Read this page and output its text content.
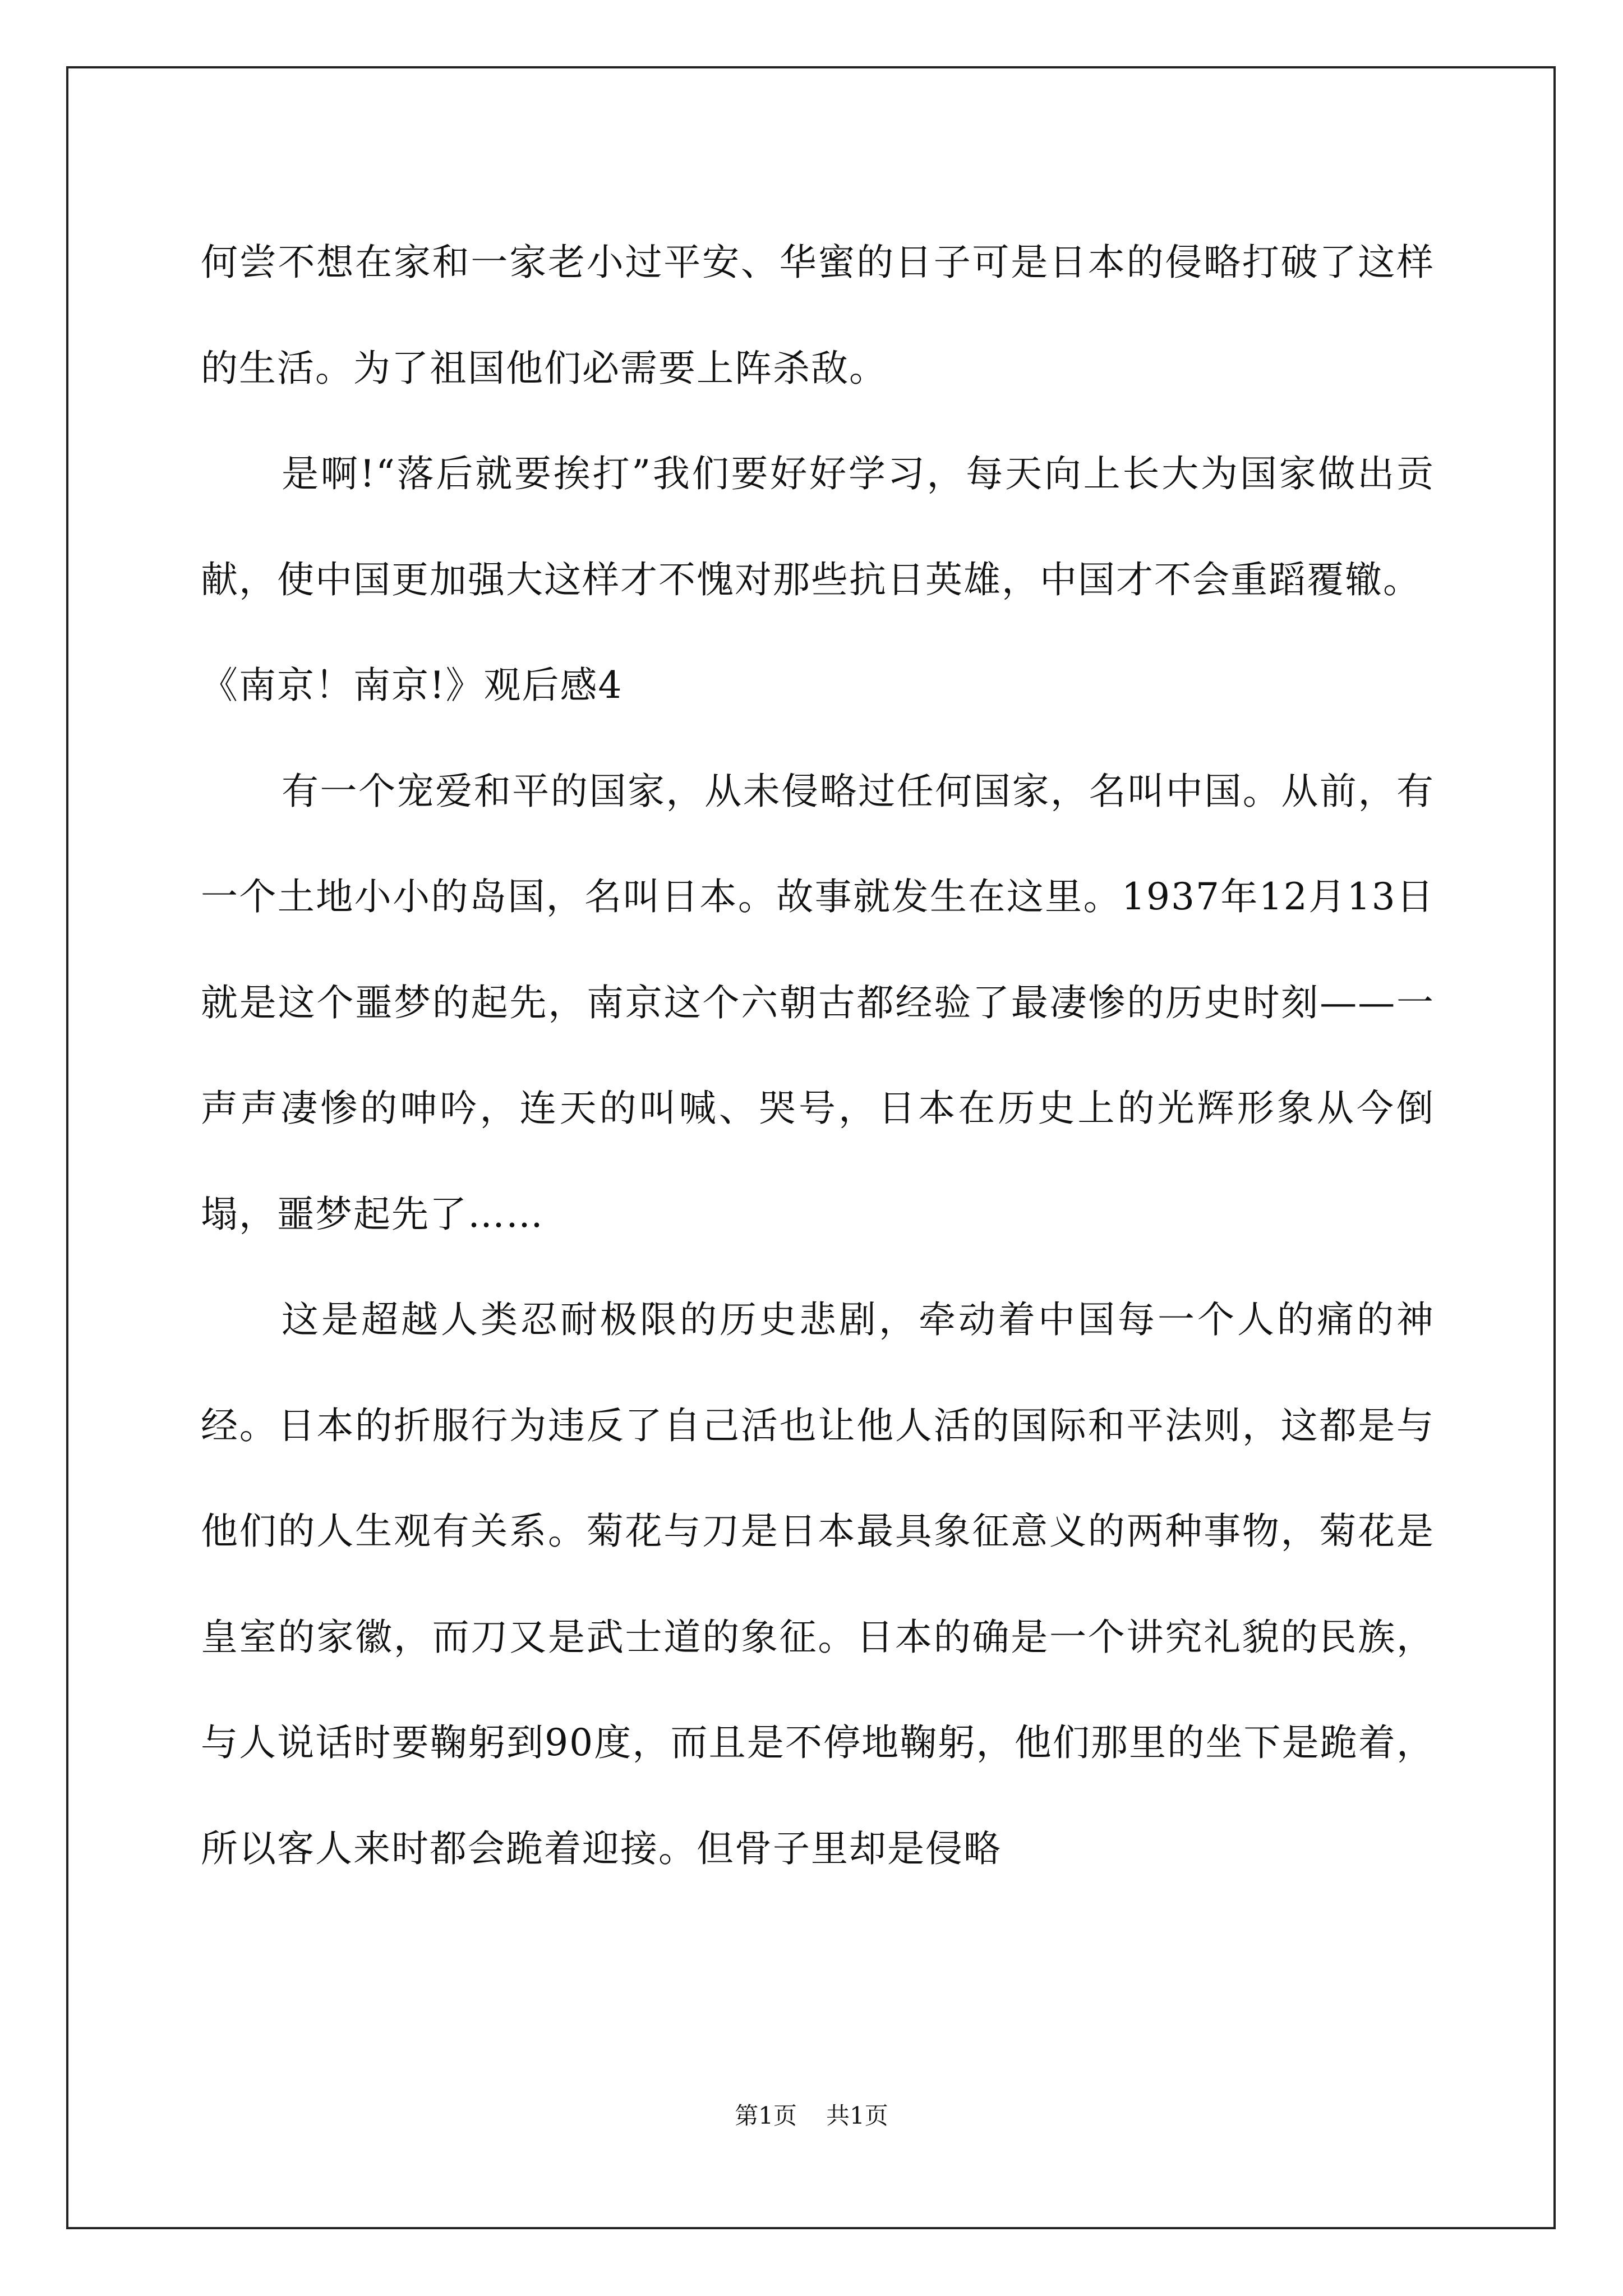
何尝不想在家和一家老小过平安、华蜜的日子可是日本的侵略打破了这样的生活。为了祖国他们必需要上阵杀敌。

是啊!“落后就要挨打”我们要好好学习，每天向上长大为国家做出贡献，使中国更加强大这样才不愧对那些抗日英雄，中国才不会重蹈覆辙。

《南京！南京!》观后感4

有一个宠爱和平的国家，从未侵略过任何国家，名叫中国。从前，有一个土地小小的岛国，名叫日本。故事就发生在这里。1937年12月13日就是这个噩梦的起先，南京这个六朝古都经验了最凄惨的历史时刻——一声声凄惨的呻吟，连天的叫喊、哭号，日本在历史上的光辉形象从今倒塌，噩梦起先了……

这是超越人类忍耐极限的历史悲剧，牵动着中国每一个人的痛的神经。日本的折服行为违反了自己活也让他人活的国际和平法则，这都是与他们的人生观有关系。菊花与刀是日本最具象征意义的两种事物，菊花是皇室的家徽，而刀又是武士道的象征。日本的确是一个讲究礼貌的民族，与人说话时要鞠躬到90度，而且是不停地鞠躬，他们那里的坐下是跪着，所以客人来时都会跪着迎接。但骨子里却是侵略

第1页 共1页
